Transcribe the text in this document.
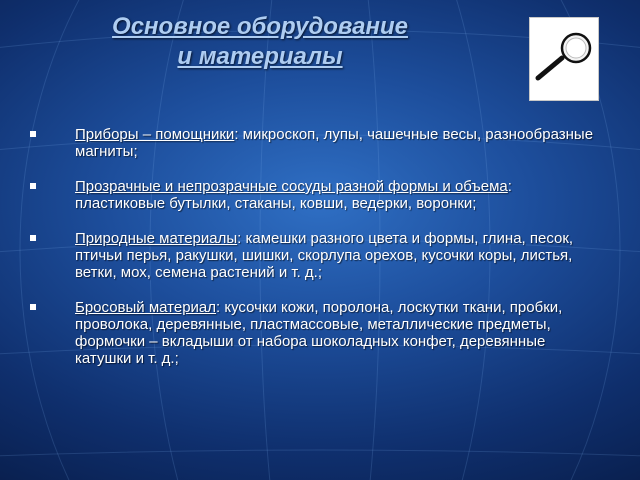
Основное оборудование
и материалы
Приборы – помощники: микроскоп, лупы, чашечные весы, разнообразные магниты;
Прозрачные и непрозрачные сосуды разной формы и объема: пластиковые бутылки, стаканы, ковши, ведерки, воронки;
Природные материалы: камешки разного цвета и формы, глина, песок, птичьи перья, ракушки, шишки, скорлупа орехов, кусочки коры, листья, ветки, мох, семена растений и т. д.;
Бросовый материал: кусочки кожи, поролона, лоскутки ткани, пробки, проволока, деревянные, пластмассовые, металлические предметы, формочки – вкладыши от набора шоколадных конфет, деревянные катушки и т. д.;
